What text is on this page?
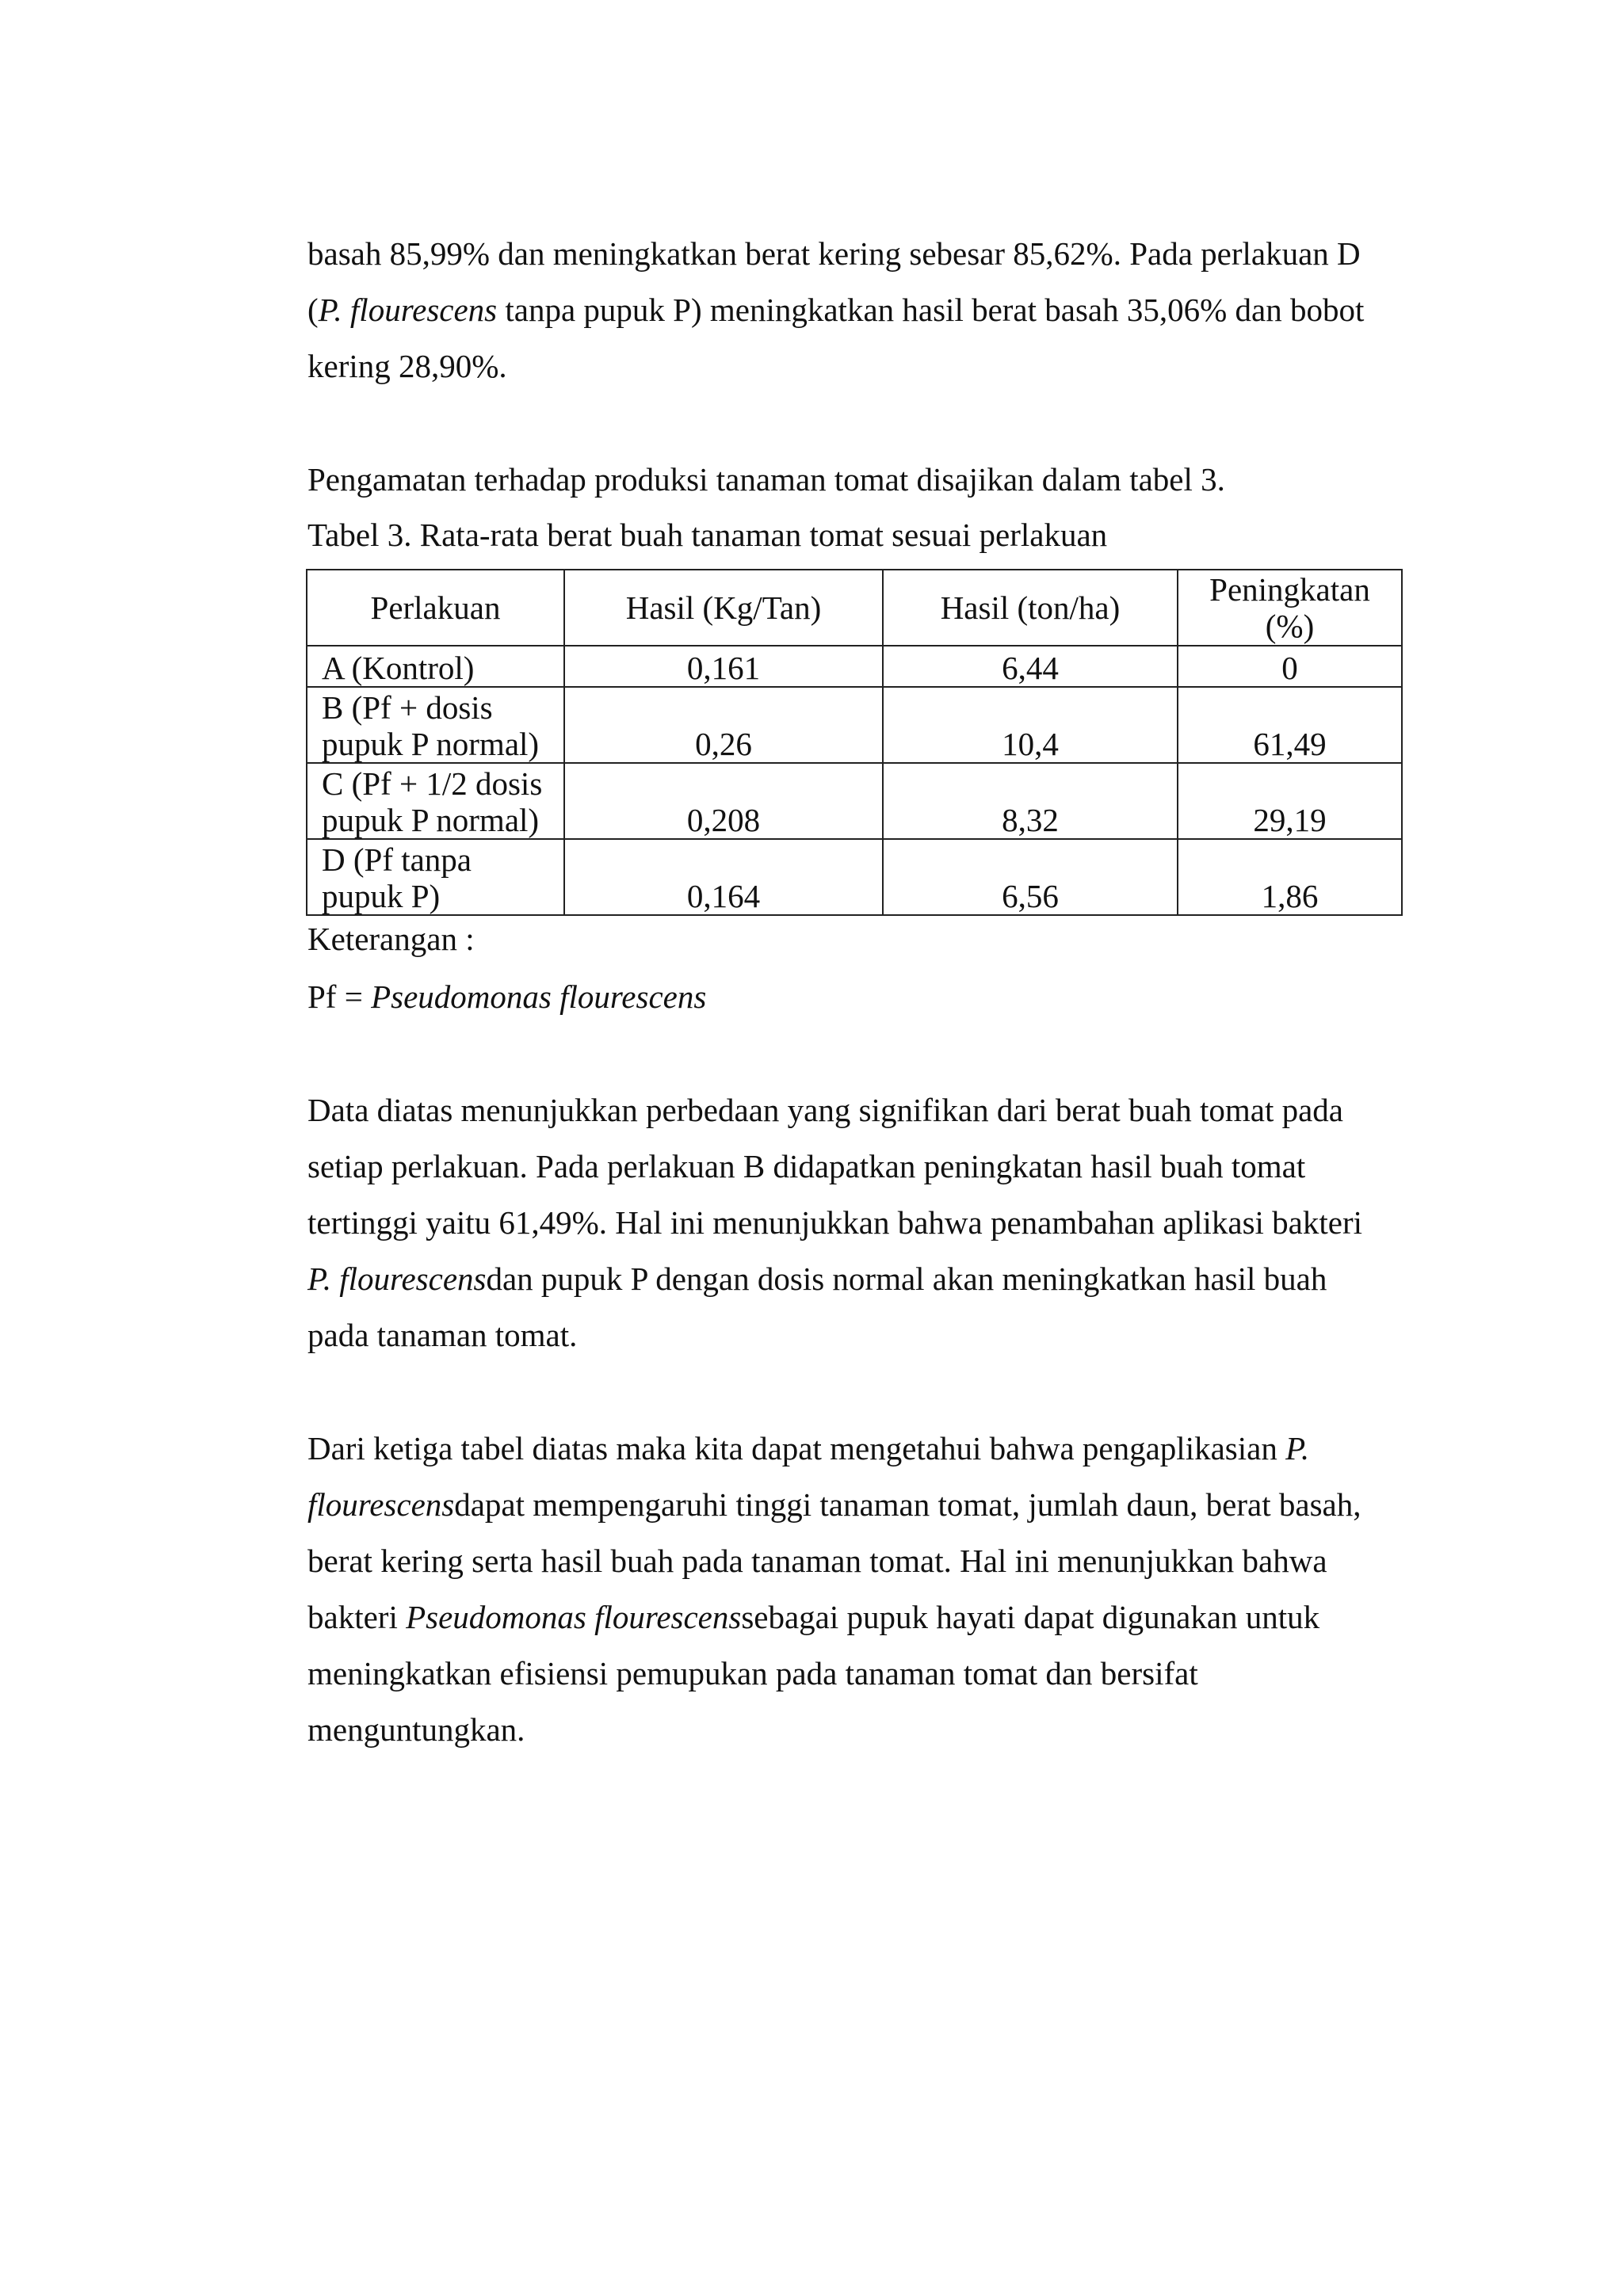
basah 85,99% dan meningkatkan berat kering sebesar 85,62%. Pada perlakuan D
(P. flourescens tanpa pupuk P) meningkatkan hasil berat basah 35,06% dan bobot
kering 28,90%.

Pengamatan terhadap produksi tanaman tomat disajikan dalam tabel 3.

Tabel 3. Rata-rata berat buah tanaman tomat sesuai perlakuan

Perlakuan	Hasil (Kg/Tan)	Hasil (ton/ha)	Peningkatan
(%)

A (Kontrol)	0,161	6,44	0

B (Pf + dosis
pupuk P normal)	0,26	10,4	61,49

C (Pf + 1/2 dosis
pupuk P normal)	0,208	8,32	29,19

D (Pf tanpa
pupuk P)	0,164	6,56	1,86

Keterangan :

Pf = Pseudomonas flourescens

Data diatas menunjukkan perbedaan yang signifikan dari berat buah tomat pada
setiap perlakuan. Pada perlakuan B didapatkan peningkatan hasil buah tomat
tertinggi yaitu 61,49%. Hal ini menunjukkan bahwa penambahan aplikasi bakteri
P. flourescensdan pupuk P dengan dosis normal akan meningkatkan hasil buah
pada tanaman tomat.
Dari ketiga tabel diatas maka kita dapat mengetahui bahwa pengaplikasian P.
flourescensdapat mempengaruhi tinggi tanaman tomat, jumlah daun, berat basah,
berat kering serta hasil buah pada tanaman tomat. Hal ini menunjukkan bahwa
bakteri Pseudomonas flourescenssebagai pupuk hayati dapat digunakan untuk
meningkatkan efisiensi pemupukan pada tanaman tomat dan bersifat
menguntungkan.
